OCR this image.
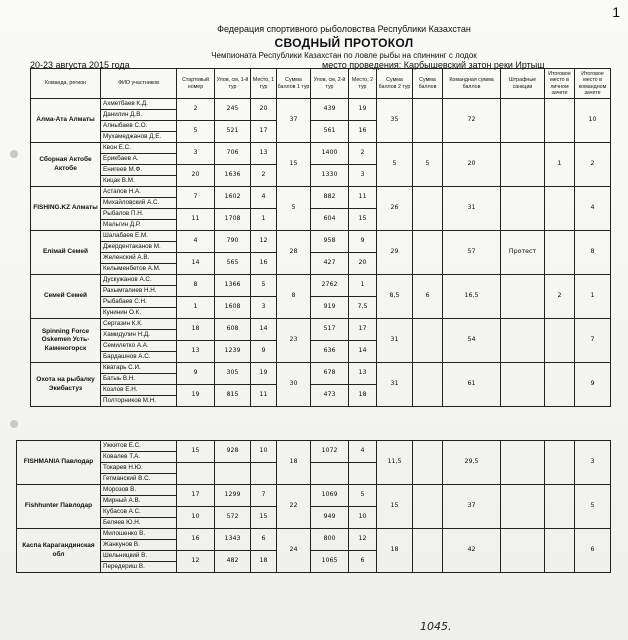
1
Федерация спортивного рыболовства Республики Казахстан
СВОДНЫЙ ПРОТОКОЛ
Чемпионата Республики Казахстан по ловле рыбы на спиннинг с лодок
20-23 августа 2015 года	место проведения: Карбышевский затон реки Иртыш
Команда, регион	ФИО участников	Стартовый номер	Улов, см, 1-й тур	Место, 1 тур	Сумма баллов 1 тур	Улов, см, 2-й тур	Место, 2 тур	Сумма баллов 2 тур	Сумма баллов	Командная сумма баллов	Штрафные санкции	Итоговое место в личном зачете	Итоговое место в командном зачете
Алма-Ата Алматы	Ахметбаев К.Д.	2	245	20	37	439	19	35		72			10
	Данилин Д.В.												
	Алныбаев С.О.	5	521	17		561	16						
	Мухамеджанов Д.Е.												
Сборная Актобе Актобе	Квон Е.С.	3	706	13	15	1400	2	5	5	20		1	2
	Ерикбаев А.												
	Енигеев М.Ф.	20	1636	2		1330	3						
	Кицак В.М.												
FISHING.KZ Алматы	Астапов Н.А.	7	1602	4	5	882	11	26		31			4
	Михайловский А.С.												
	Рыбалов П.Н.	11	1708	1		604	15						
	Мальгин Д.Р.												
Елімай Семей	Шалабаев Е.М.	4	790	12	28	958	9	29		57	Протест		8
	Джердентаканов М.												
	Желенский А.В.	14	565	16		427	20						
	Келыменбетов А.М.												
Семей Семей	Дускужанов А.С.	8	1366	5	8	2762	1	8,5	6	16,5		2	1
	Рахымгалиев Н.Н.												
	Рыбабаев С.Н.	1	1608	3		919	7,5						
	Кунинин О.К.												
Spinning Force Oskemen Усть-Каменогорск	Сергазин К.К.	18	608	14	23	517	17	31		54			7
	Хамидулин Н.Д.												
	Семилетко А.А.	13	1239	9		636	14						
	Бардашнов А.С.												
Охота на рыбалку Экибастуз	Кватарь С.И.	9	305	19	30	678	13	31		61			9
	Батыь В.Н.												
	Козлов Е.Н.	19	815	11		473	18						
	Полторников М.Н.												
FISHMANIA Павлодар	Ужкитов Е.С.	15	928	10	18	1072	4	11,5		29,5			3
	Ковалев Т.А.												
	Токарев Н.Ю.												
	Гетманский В.С.												
Fishhunter Павлодар	Морозов В.	17	1299	7	22	1069	5	15		37			5
	Мирный А.В.												
	Кубасов А.С.	10	572	15		949	10						
	Беляев Ю.Н.												
Каспа Карагандинская обл	Милошенко В.	16	1343	6	24	800	12	18		42			6
	Жанкунов В.												
	Шельницкий В.	12	482	18		1065	6						
	Передериш В.												
1045.
